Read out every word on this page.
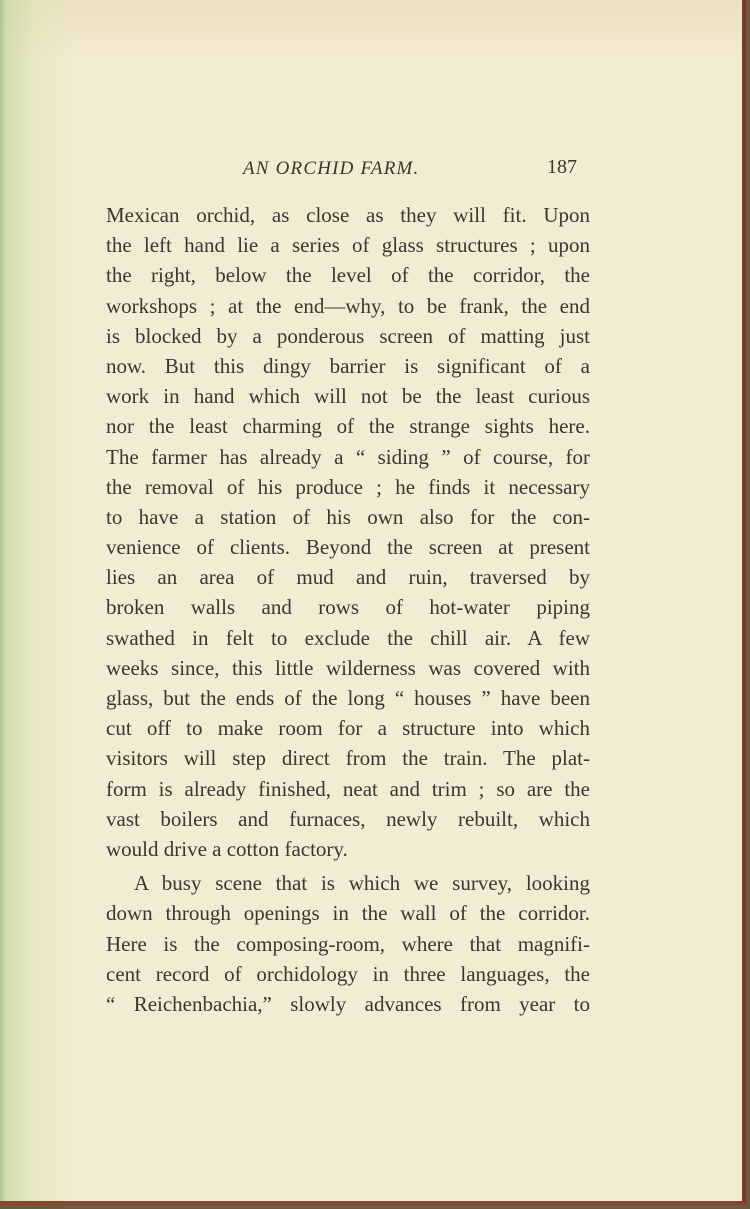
AN ORCHID FARM.	187
Mexican orchid, as close as they will fit. Upon
the left hand lie a series of glass structures ; upon
the right, below the level of the corridor, the
workshops ; at the end—why, to be frank, the end
is blocked by a ponderous screen of matting just
now. But this dingy barrier is significant of a
work in hand which will not be the least curious
nor the least charming of the strange sights here.
The farmer has already a “ siding ” of course, for
the removal of his produce ; he finds it necessary
to have a station of his own also for the con-
venience of clients. Beyond the screen at present
lies an area of mud and ruin, traversed by
broken walls and rows of hot-water piping
swathed in felt to exclude the chill air. A few
weeks since, this little wilderness was covered with
glass, but the ends of the long “ houses ” have been
cut off to make room for a structure into which
visitors will step direct from the train. The plat-
form is already finished, neat and trim ; so are the
vast boilers and furnaces, newly rebuilt, which
would drive a cotton factory.
A busy scene that is which we survey, looking
down through openings in the wall of the corridor.
Here is the composing-room, where that magnifi-
cent record of orchidology in three languages, the
“ Reichenbachia,” slowly advances from year to
